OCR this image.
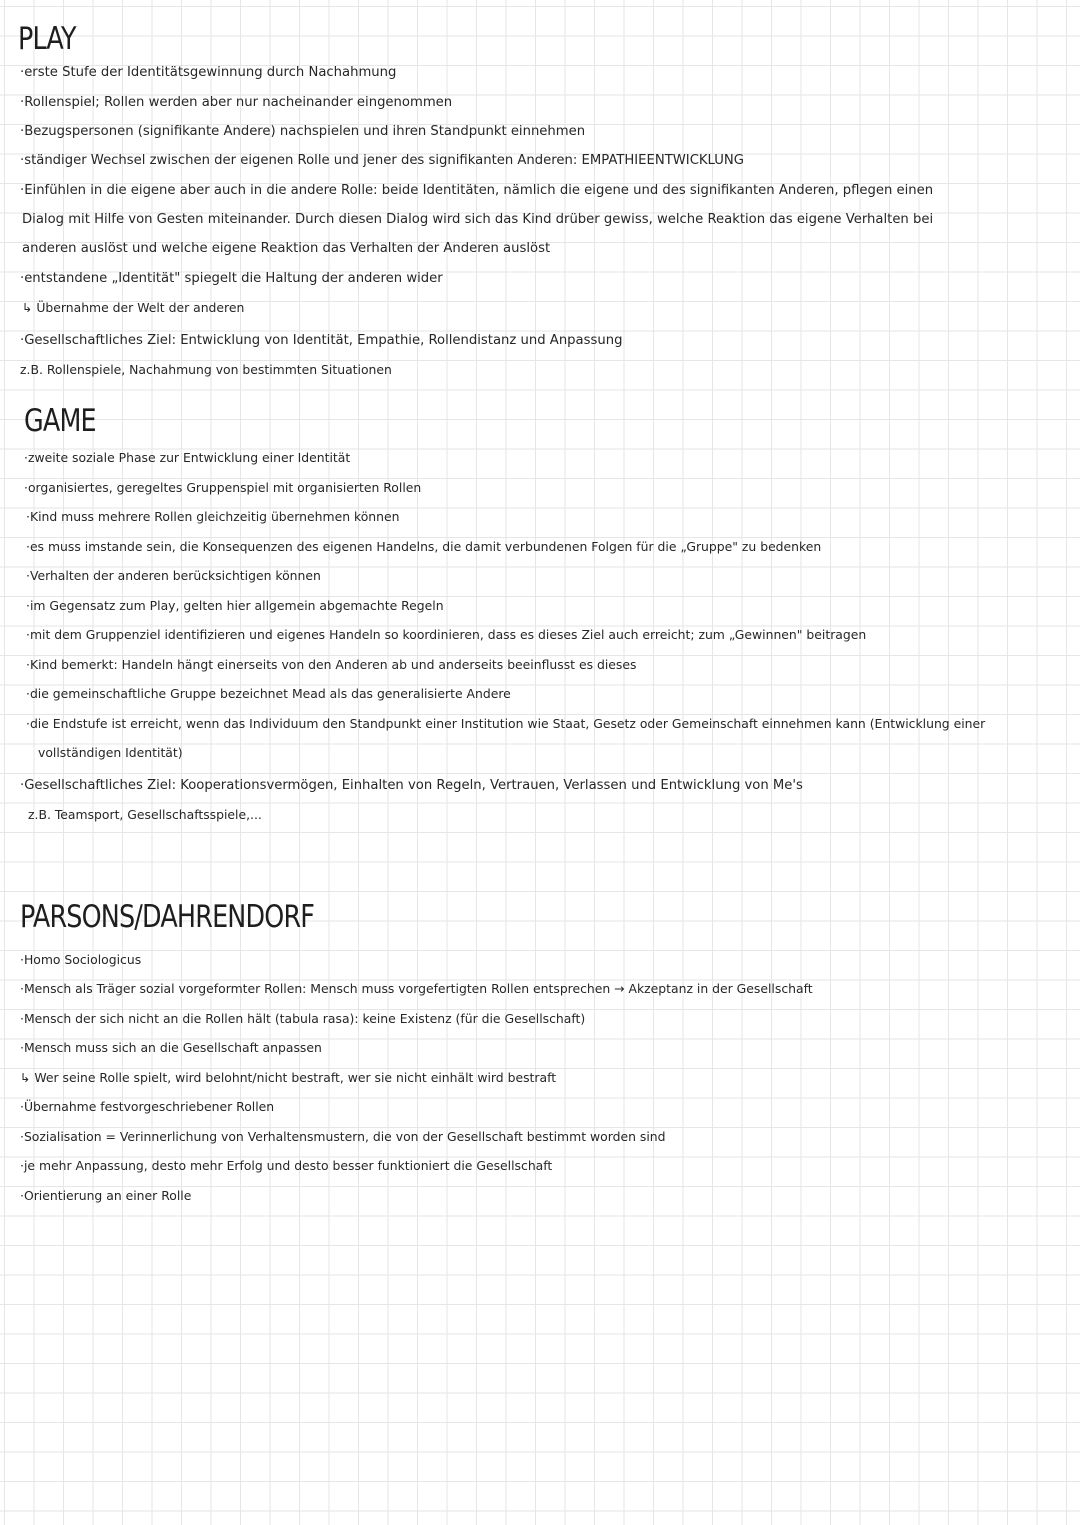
PLAY
·erste Stufe der Identitätsgewinnung durch Nachahmung
·Rollenspiel; Rollen werden aber nur nacheinander eingenommen
·Bezugspersonen (signifikante Andere) nachspielen und ihren Standpunkt einnehmen
·ständiger Wechsel zwischen der eigenen Rolle und jener des signifikanten Anderen: EMPATHIEENTWICKLUNG
·Einfühlen in die eigene aber auch in die andere Rolle: beide Identitäten, nämlich die eigene und des signifikanten Anderen, pflegen einen
Dialog mit Hilfe von Gesten miteinander. Durch diesen Dialog wird sich das Kind drüber gewiss, welche Reaktion das eigene Verhalten bei
anderen auslöst und welche eigene Reaktion das Verhalten der Anderen auslöst
·entstandene „Identität" spiegelt die Haltung der anderen wider
↳ Übernahme der Welt der anderen
·Gesellschaftliches Ziel: Entwicklung von Identität, Empathie, Rollendistanz und Anpassung
z.B. Rollenspiele, Nachahmung von bestimmten Situationen
GAME
·zweite soziale Phase zur Entwicklung einer Identität
·organisiertes, geregeltes Gruppenspiel mit organisierten Rollen
·Kind muss mehrere Rollen gleichzeitig übernehmen können
·es muss imstande sein, die Konsequenzen des eigenen Handelns, die damit verbundenen Folgen für die „Gruppe" zu bedenken
·Verhalten der anderen berücksichtigen können
·im Gegensatz zum Play, gelten hier allgemein abgemachte Regeln
·mit dem Gruppenziel identifizieren und eigenes Handeln so koordinieren, dass es dieses Ziel auch erreicht; zum „Gewinnen" beitragen
·Kind bemerkt: Handeln hängt einerseits von den Anderen ab und anderseits beeinflusst es dieses
·die gemeinschaftliche Gruppe bezeichnet Mead als das generalisierte Andere
·die Endstufe ist erreicht, wenn das Individuum den Standpunkt einer Institution wie Staat, Gesetz oder Gemeinschaft einnehmen kann (Entwicklung einer
vollständigen Identität)
·Gesellschaftliches Ziel: Kooperationsvermögen, Einhalten von Regeln, Vertrauen, Verlassen und Entwicklung von Me's
z.B. Teamsport, Gesellschaftsspiele,...
PARSONS/DAHRENDORF
·Homo Sociologicus
·Mensch als Träger sozial vorgeformter Rollen: Mensch muss vorgefertigten Rollen entsprechen → Akzeptanz in der Gesellschaft
·Mensch der sich nicht an die Rollen hält (tabula rasa): keine Existenz (für die Gesellschaft)
·Mensch muss sich an die Gesellschaft anpassen
↳ Wer seine Rolle spielt, wird belohnt/nicht bestraft, wer sie nicht einhält wird bestraft
·Übernahme festvorgeschriebener Rollen
·Sozialisation = Verinnerlichung von Verhaltensmustern, die von der Gesellschaft bestimmt worden sind
·je mehr Anpassung, desto mehr Erfolg und desto besser funktioniert die Gesellschaft
·Orientierung an einer Rolle
